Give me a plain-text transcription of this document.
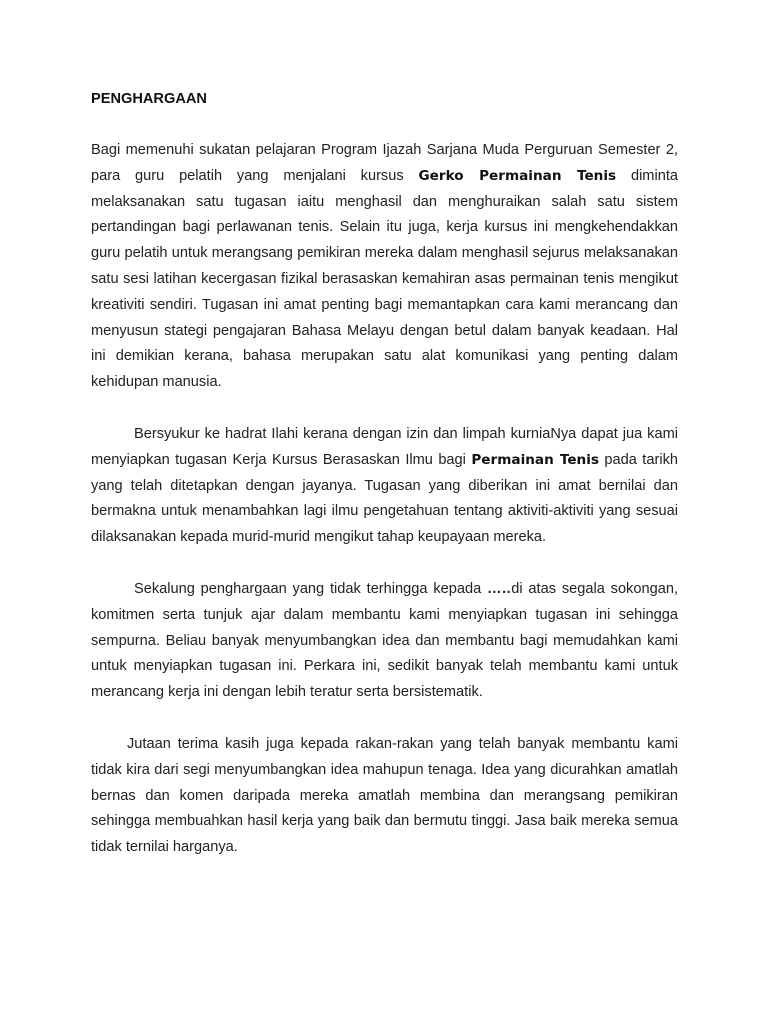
PENGHARGAAN

Bagi memenuhi sukatan pelajaran Program Ijazah Sarjana Muda Perguruan Semester 2, para guru pelatih yang menjalani kursus Gerko Permainan Tenis diminta melaksanakan satu tugasan iaitu menghasil dan menghuraikan salah satu sistem pertandingan bagi perlawanan tenis. Selain itu juga, kerja kursus ini mengkehendakkan guru pelatih untuk merangsang pemikiran mereka dalam menghasil sejurus melaksanakan satu sesi latihan kecergasan fizikal berasaskan kemahiran asas permainan tenis mengikut kreativiti sendiri. Tugasan ini amat penting bagi memantapkan cara kami merancang dan menyusun stategi pengajaran Bahasa Melayu dengan betul dalam banyak keadaan. Hal ini demikian kerana, bahasa merupakan satu alat komunikasi yang penting dalam kehidupan manusia.

Bersyukur ke hadrat Ilahi kerana dengan izin dan limpah kurniaNya dapat jua kami menyiapkan tugasan Kerja Kursus Berasaskan Ilmu bagi Permainan Tenis pada tarikh yang telah ditetapkan dengan jayanya. Tugasan yang diberikan ini amat bernilai dan bermakna untuk menambahkan lagi ilmu pengetahuan tentang aktiviti-aktiviti yang sesuai dilaksanakan kepada murid-murid mengikut tahap keupayaan mereka.

Sekalung penghargaan yang tidak terhingga kepada …..di atas segala sokongan, komitmen serta tunjuk ajar dalam membantu kami menyiapkan tugasan ini sehingga sempurna. Beliau banyak menyumbangkan idea dan membantu bagi memudahkan kami untuk menyiapkan tugasan ini. Perkara ini, sedikit banyak telah membantu kami untuk merancang kerja ini dengan lebih teratur serta bersistematik.

Jutaan terima kasih juga kepada rakan-rakan yang telah banyak membantu kami tidak kira dari segi menyumbangkan idea mahupun tenaga. Idea yang dicurahkan amatlah bernas dan komen daripada mereka amatlah membina dan merangsang pemikiran sehingga membuahkan hasil kerja yang baik dan bermutu tinggi. Jasa baik mereka semua tidak ternilai harganya.
